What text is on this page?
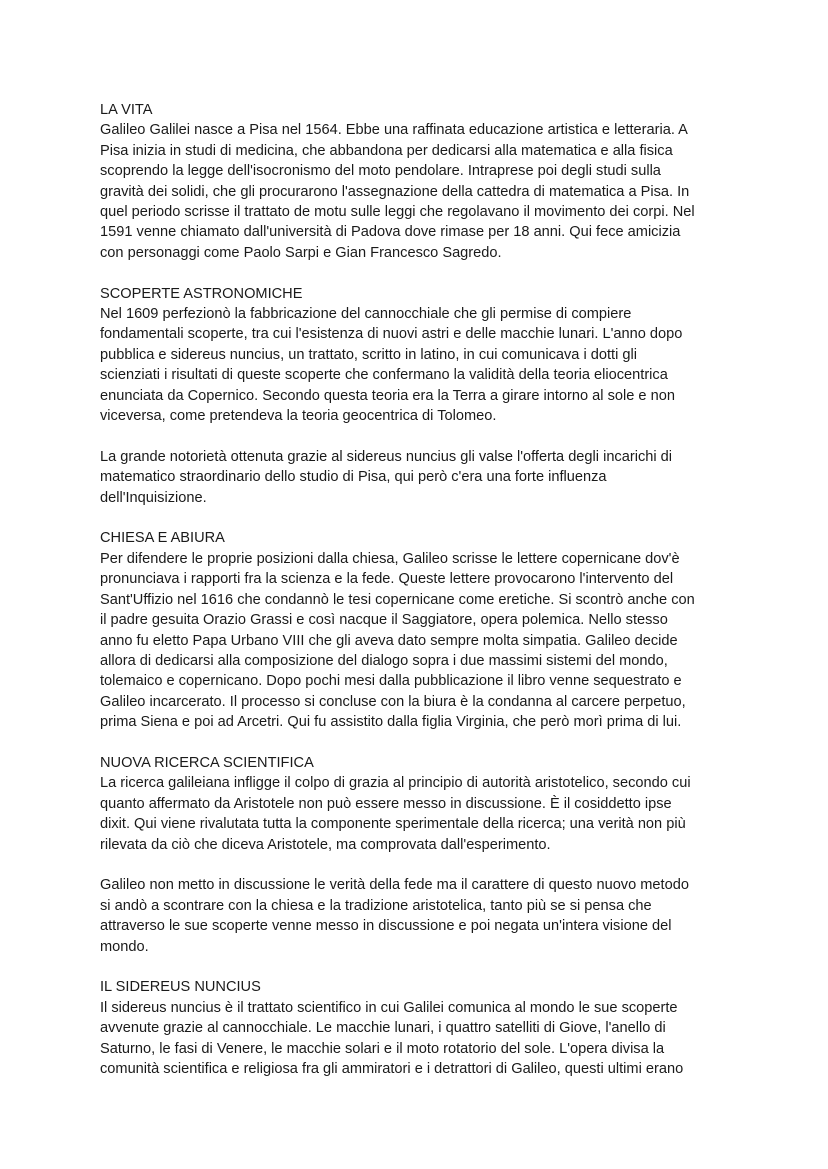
LA VITA

Galileo Galilei nasce a Pisa nel 1564. Ebbe una raffinata educazione artistica e letteraria. A
Pisa inizia in studi di medicina, che abbandona per dedicarsi alla matematica e alla fisica
scoprendo la legge dell'isocronismo del moto pendolare. Intraprese poi degli studi sulla
gravità dei solidi, che gli procurarono l'assegnazione della cattedra di matematica a Pisa. In
quel periodo scrisse il trattato de motu sulle leggi che regolavano il movimento dei corpi. Nel
1591 venne chiamato dall'università di Padova dove rimase per 18 anni. Qui fece amicizia
con personaggi come Paolo Sarpi e Gian Francesco Sagredo.

SCOPERTE ASTRONOMICHE

Nel 1609 perfezionò la fabbricazione del cannocchiale che gli permise di compiere
fondamentali scoperte, tra cui l'esistenza di nuovi astri e delle macchie lunari. L'anno dopo
pubblica e sidereus nuncius, un trattato, scritto in latino, in cui comunicava i dotti gli
scienziati i risultati di queste scoperte che confermano la validità della teoria eliocentrica
enunciata da Copernico. Secondo questa teoria era la Terra a girare intorno al sole e non
viceversa, come pretendeva la teoria geocentrica di Tolomeo.

La grande notorietà ottenuta grazie al sidereus nuncius gli valse l'offerta degli incarichi di
matematico straordinario dello studio di Pisa, qui però c'era una forte influenza
dell'Inquisizione.

CHIESA E ABIURA

Per difendere le proprie posizioni dalla chiesa, Galileo scrisse le lettere copernicane dov'è
pronunciava i rapporti fra la scienza e la fede. Queste lettere provocarono l'intervento del
Sant'Uffizio nel 1616 che condannò le tesi copernicane come eretiche. Si scontrò anche con
il padre gesuita Orazio Grassi e così nacque il Saggiatore, opera polemica. Nello stesso
anno fu eletto Papa Urbano VIII che gli aveva dato sempre molta simpatia. Galileo decide
allora di dedicarsi alla composizione del dialogo sopra i due massimi sistemi del mondo,
tolemaico e copernicano. Dopo pochi mesi dalla pubblicazione il libro venne sequestrato e
Galileo incarcerato. Il processo si concluse con la biura è la condanna al carcere perpetuo,
prima Siena e poi ad Arcetri. Qui fu assistito dalla figlia Virginia, che però morì prima di lui.

NUOVA RICERCA SCIENTIFICA

La ricerca galileiana infligge il colpo di grazia al principio di autorità aristotelico, secondo cui
quanto affermato da Aristotele non può essere messo in discussione. È il cosiddetto ipse
dixit. Qui viene rivalutata tutta la componente sperimentale della ricerca; una verità non più
rilevata da ciò che diceva Aristotele, ma comprovata dall'esperimento.

Galileo non metto in discussione le verità della fede ma il carattere di questo nuovo metodo
si andò a scontrare con la chiesa e la tradizione aristotelica, tanto più se si pensa che
attraverso le sue scoperte venne messo in discussione e poi negata un'intera visione del
mondo.

IL SIDEREUS NUNCIUS

Il sidereus nuncius è il trattato scientifico in cui Galilei comunica al mondo le sue scoperte
avvenute grazie al cannocchiale. Le macchie lunari, i quattro satelliti di Giove, l'anello di
Saturno, le fasi di Venere, le macchie solari e il moto rotatorio del sole. L'opera divisa la
comunità scientifica e religiosa fra gli ammiratori e i detrattori di Galileo, questi ultimi erano
